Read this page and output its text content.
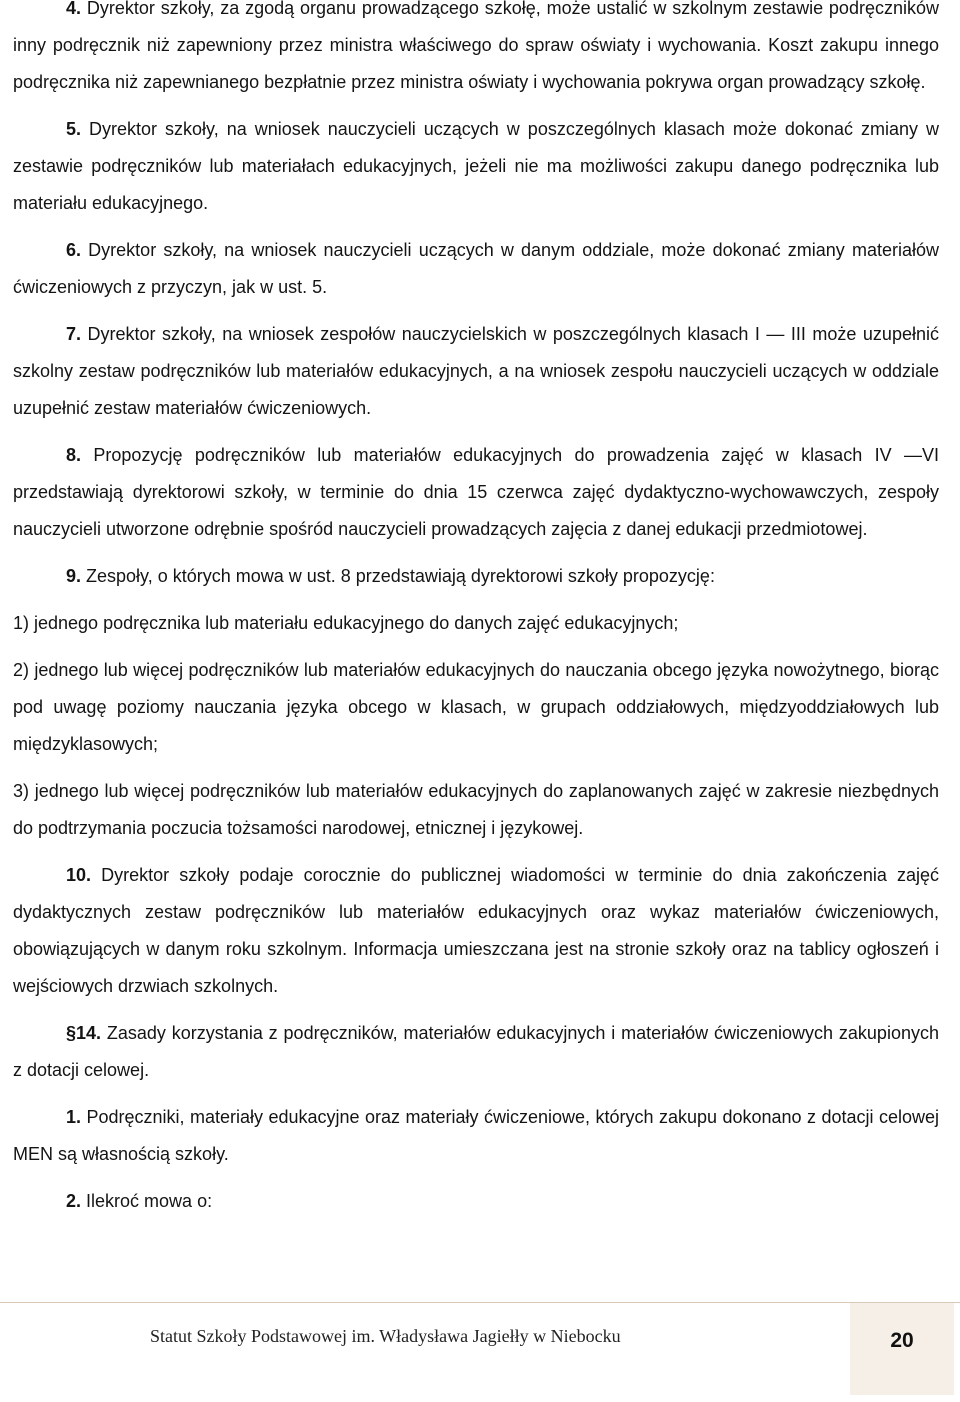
4. Dyrektor szkoły, za zgodą organu prowadzącego szkołę, może ustalić w szkolnym zestawie podręczników inny podręcznik niż zapewniony przez ministra właściwego do spraw oświaty i wychowania. Koszt zakupu innego podręcznika niż zapewnianego bezpłatnie przez ministra oświaty i wychowania pokrywa organ prowadzący szkołę.

5. Dyrektor szkoły, na wniosek nauczycieli uczących w poszczególnych klasach może dokonać zmiany w zestawie podręczników lub materiałach edukacyjnych, jeżeli nie ma możliwości zakupu danego podręcznika lub materiału edukacyjnego.

6. Dyrektor szkoły, na wniosek nauczycieli uczących w danym oddziale, może dokonać zmiany materiałów ćwiczeniowych z przyczyn, jak w ust. 5.

7. Dyrektor szkoły, na wniosek zespołów nauczycielskich w poszczególnych klasach I — III może uzupełnić szkolny zestaw podręczników lub materiałów edukacyjnych, a na wniosek zespołu nauczycieli uczących w oddziale uzupełnić zestaw materiałów ćwiczeniowych.

8. Propozycję podręczników lub materiałów edukacyjnych do prowadzenia zajęć w klasach IV —VI przedstawiają dyrektorowi szkoły, w terminie do dnia 15 czerwca zajęć dydaktyczno-wychowawczych, zespoły nauczycieli utworzone odrębnie spośród nauczycieli prowadzących zajęcia z danej edukacji przedmiotowej.

9. Zespoły, o których mowa w ust. 8 przedstawiają dyrektorowi szkoły propozycję:

1) jednego podręcznika lub materiału edukacyjnego do danych zajęć edukacyjnych;

2) jednego lub więcej podręczników lub materiałów edukacyjnych do nauczania obcego języka nowożytnego, biorąc pod uwagę poziomy nauczania języka obcego w klasach, w grupach oddziałowych, międzyoddziałowych lub międzyklasowych;

3) jednego lub więcej podręczników lub materiałów edukacyjnych do zaplanowanych zajęć w zakresie niezbędnych do podtrzymania poczucia tożsamości narodowej, etnicznej i językowej.

10. Dyrektor szkoły podaje corocznie do publicznej wiadomości w terminie do dnia zakończenia zajęć dydaktycznych zestaw podręczników lub materiałów edukacyjnych oraz wykaz materiałów ćwiczeniowych, obowiązujących w danym roku szkolnym. Informacja umieszczana jest na stronie szkoły oraz na tablicy ogłoszeń i wejściowych drzwiach szkolnych.

§14. Zasady korzystania z podręczników, materiałów edukacyjnych i materiałów ćwiczeniowych zakupionych z dotacji celowej.

1. Podręczniki, materiały edukacyjne oraz materiały ćwiczeniowe, których zakupu dokonano z dotacji celowej MEN są własnością szkoły.

2. Ilekroć mowa o:

Statut Szkoły Podstawowej im. Władysława Jagiełły w Niebocku	20
